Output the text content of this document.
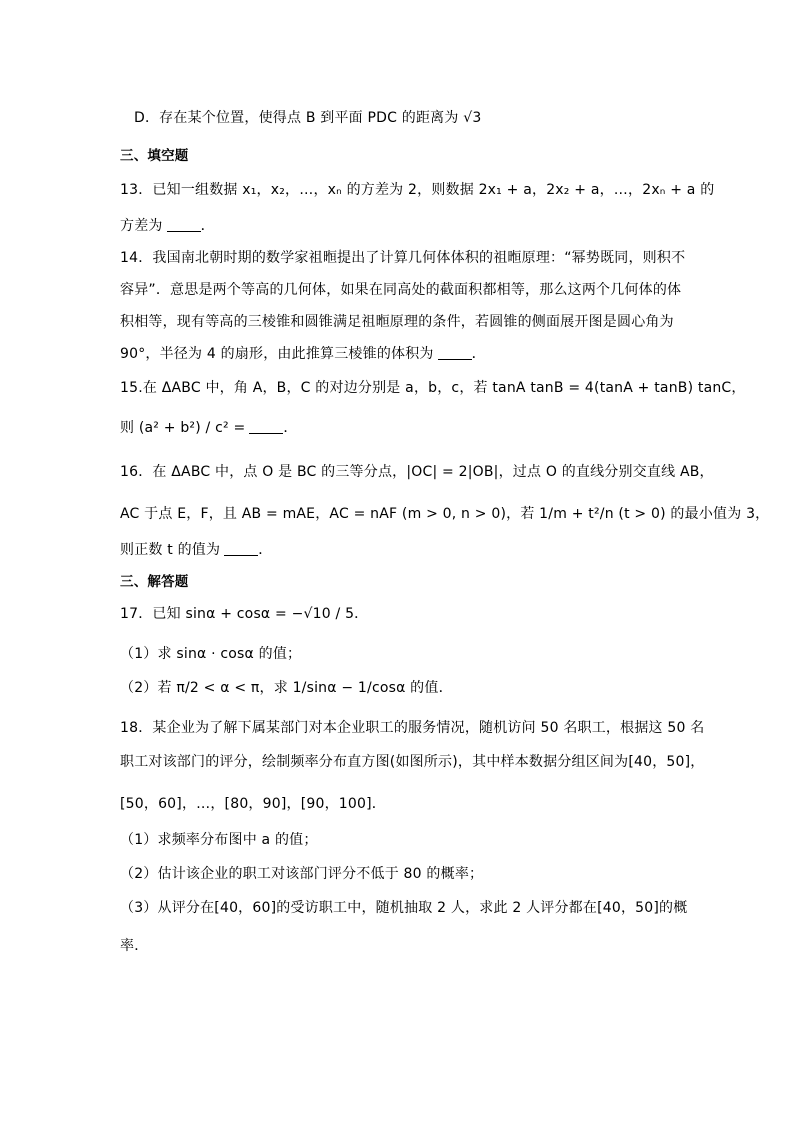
D．存在某个位置，使得点 B 到平面 PDC 的距离为 √3
三、填空题
13．已知一组数据 x₁，x₂，…，xₙ 的方差为 2，则数据 2x₁ + a，2x₂ + a，…，2xₙ + a 的
方差为	．
14．我国南北朝时期的数学家祖暅提出了计算几何体体积的祖暅原理：“幂势既同，则积不
容异”．意思是两个等高的几何体，如果在同高处的截面积都相等，那么这两个几何体的体
积相等，现有等高的三棱锥和圆锥满足祖暅原理的条件，若圆锥的侧面展开图是圆心角为
90°，半径为 4 的扇形，由此推算三棱锥的体积为	．
15.在 ΔABC 中，角 A，B，C 的对边分别是 a，b，c，若 tanA tanB = 4(tanA + tanB) tanC，
则 (a² + b²) / c² =	．
16．在 ΔABC 中，点 O 是 BC 的三等分点，|OC| = 2|OB|，过点 O 的直线分别交直线 AB，
AC 于点 E，F，且 AB = mAE，AC = nAF (m > 0, n > 0)，若 1/m + t²/n (t > 0) 的最小值为 3，
则正数 t 的值为	．
三、解答题
17．已知 sinα + cosα = −√10 / 5．
（1）求 sinα · cosα 的值；
（2）若 π/2 < α < π，求 1/sinα − 1/cosα 的值．
18．某企业为了解下属某部门对本企业职工的服务情况，随机访问 50 名职工，根据这 50 名
职工对该部门的评分，绘制频率分布直方图(如图所示)，其中样本数据分组区间为[40，50]，
[50，60]，…，[80，90]，[90，100]．
（1）求频率分布图中 a 的值；
（2）估计该企业的职工对该部门评分不低于 80 的概率；
（3）从评分在[40，60]的受访职工中，随机抽取 2 人，求此 2 人评分都在[40，50]的概
率．
